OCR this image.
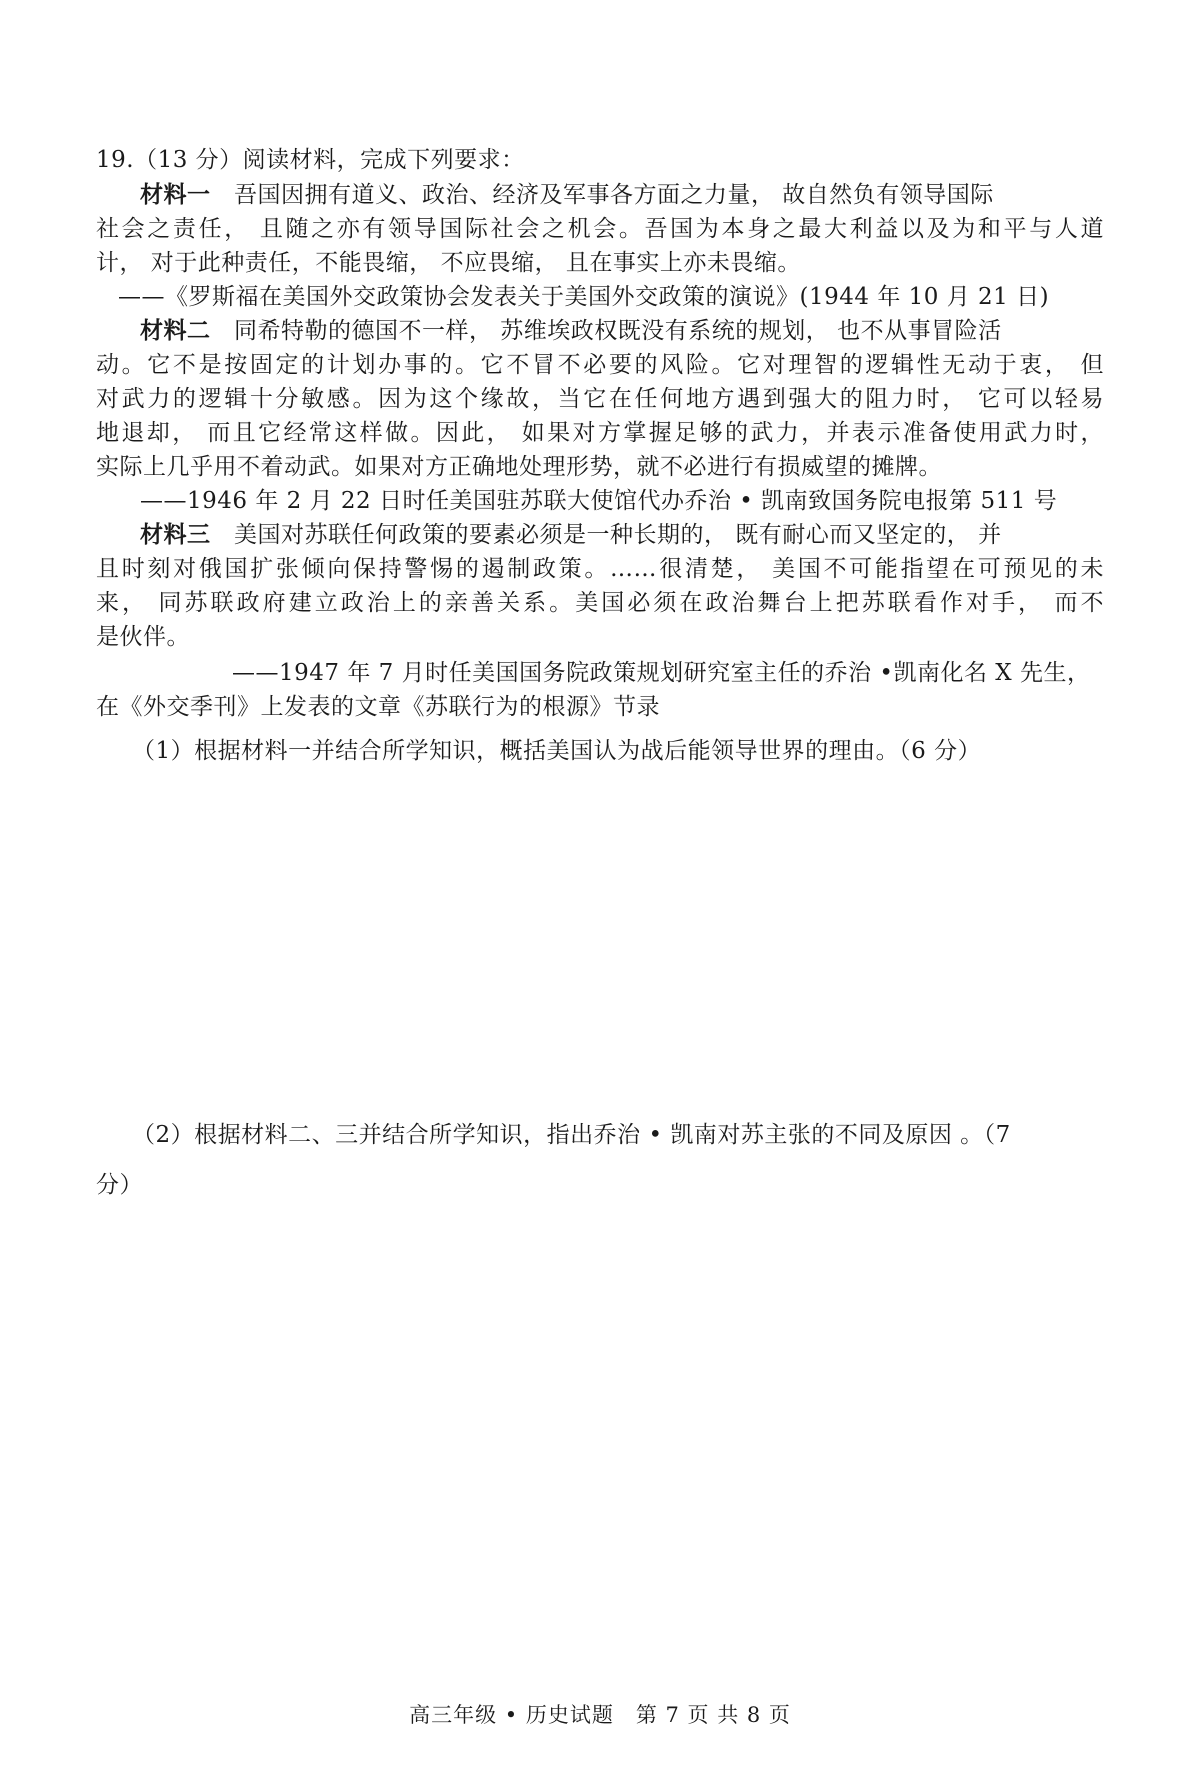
19.（13 分）阅读材料，完成下列要求：
材料一  吾国因拥有道义、政治、经济及军事各方面之力量， 故自然负有领导国际
社会之责任， 且随之亦有领导国际社会之机会。吾国为本身之最大利益以及为和平与人道
计， 对于此种责任，不能畏缩， 不应畏缩， 且在事实上亦未畏缩。
——《罗斯福在美国外交政策协会发表关于美国外交政策的演说》(1944 年 10 月 21 日)
材料二  同希特勒的德国不一样， 苏维埃政权既没有系统的规划， 也不从事冒险活
动。它不是按固定的计划办事的。它不冒不必要的风险。它对理智的逻辑性无动于衷， 但
对武力的逻辑十分敏感。因为这个缘故，当它在任何地方遇到强大的阻力时， 它可以轻易
地退却， 而且它经常这样做。因此， 如果对方掌握足够的武力，并表示准备使用武力时，
实际上几乎用不着动武。如果对方正确地处理形势，就不必进行有损威望的摊牌。
——1946 年 2 月 22 日时任美国驻苏联大使馆代办乔治 • 凯南致国务院电报第 511 号
材料三  美国对苏联任何政策的要素必须是一种长期的， 既有耐心而又坚定的， 并
且时刻对俄国扩张倾向保持警惕的遏制政策。……很清楚， 美国不可能指望在可预见的未
来， 同苏联政府建立政治上的亲善关系。美国必须在政治舞台上把苏联看作对手， 而不
是伙伴。
——1947 年 7 月时任美国国务院政策规划研究室主任的乔治 •凯南化名 X 先生，
在《外交季刊》上发表的文章《苏联行为的根源》节录
（1）根据材料一并结合所学知识，概括美国认为战后能领导世界的理由。（6 分）
（2）根据材料二、三并结合所学知识，指出乔治 • 凯南对苏主张的不同及原因 。（7
分）
高三年级 • 历史试题　第 7 页 共 8 页
